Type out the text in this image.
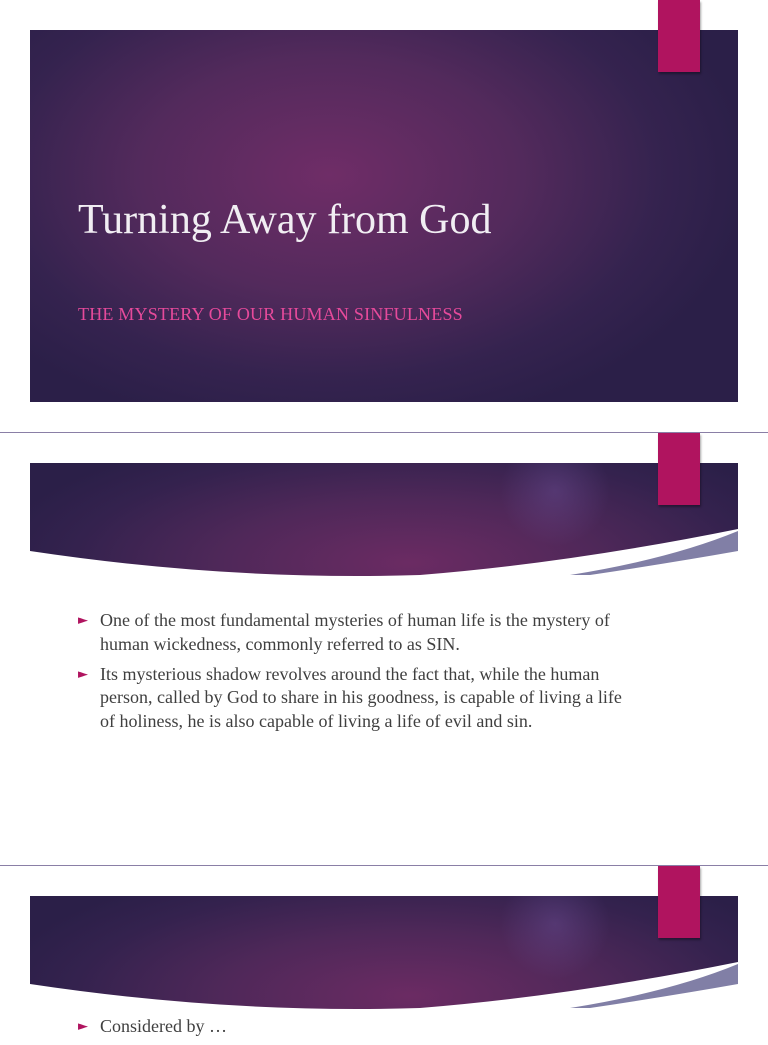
Turning Away from God

THE MYSTERY OF OUR HUMAN SINFULNESS

► One of the most fundamental mysteries of human life is the mystery of human wickedness, commonly referred to as SIN.
► Its mysterious shadow revolves around the fact that, while the human person, called by God to share in his goodness, is capable of living a life of holiness, he is also capable of living a life of evil and sin.
► Considered by …
